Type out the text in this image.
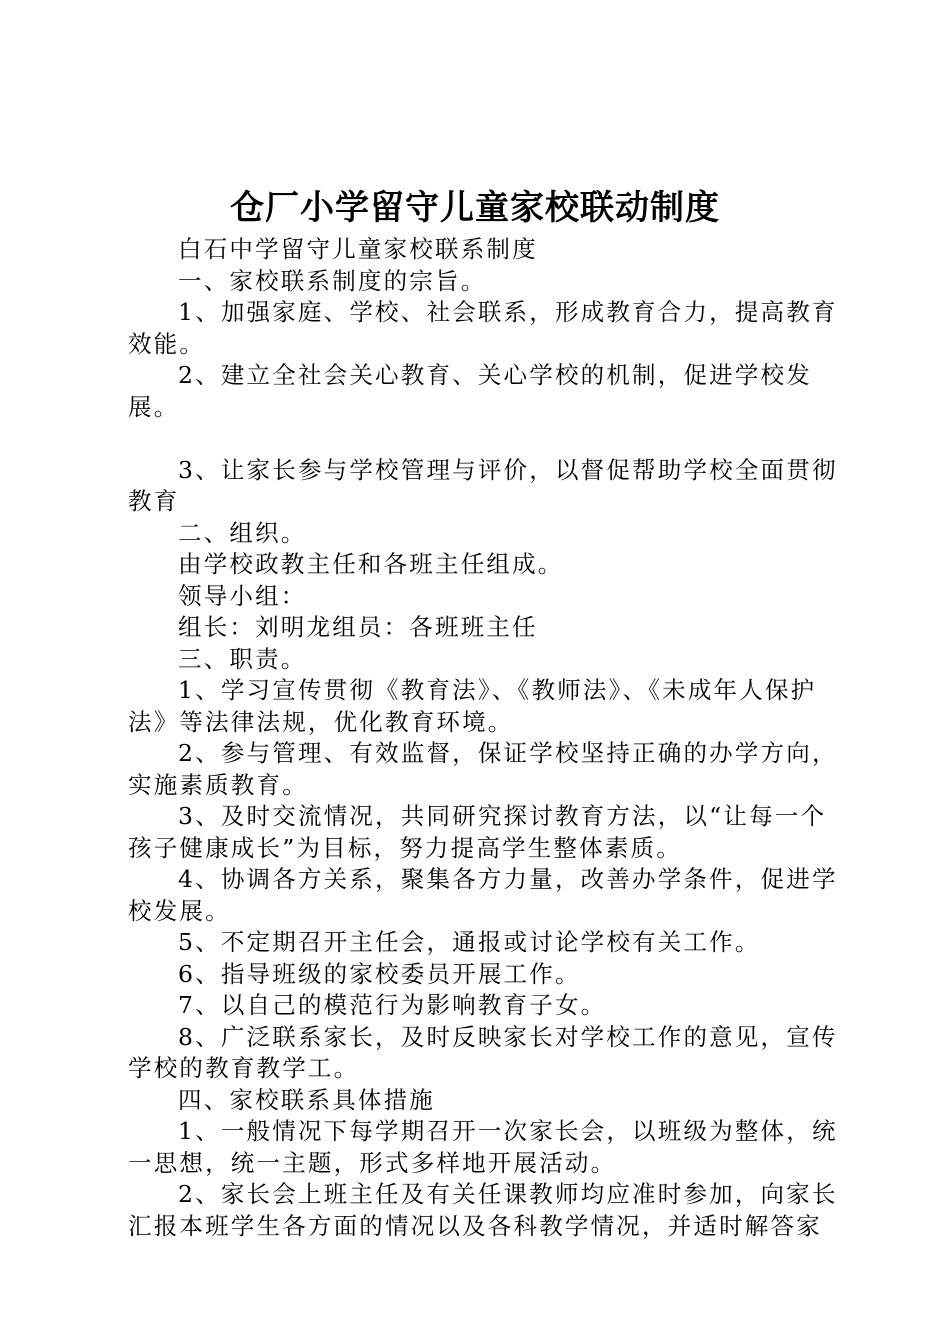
仓厂小学留守儿童家校联动制度

白石中学留守儿童家校联系制度

一、家校联系制度的宗旨。

1、加强家庭、学校、社会联系，形成教育合力，提高教育效能。

2、建立全社会关心教育、关心学校的机制，促进学校发展。

3、让家长参与学校管理与评价，以督促帮助学校全面贯彻教育

二、组织。

由学校政教主任和各班主任组成。

领导小组：

组长：刘明龙组员：各班班主任

三、职责。

1、学习宣传贯彻《教育法》、《教师法》、《未成年人保护法》等法律法规，优化教育环境。

2、参与管理、有效监督，保证学校坚持正确的办学方向，实施素质教育。

3、及时交流情况，共同研究探讨教育方法，以“让每一个孩子健康成长”为目标，努力提高学生整体素质。

4、协调各方关系，聚集各方力量，改善办学条件，促进学校发展。

5、不定期召开主任会，通报或讨论学校有关工作。

6、指导班级的家校委员开展工作。

7、以自己的模范行为影响教育子女。

8、广泛联系家长，及时反映家长对学校工作的意见，宣传学校的教育教学工。

四、家校联系具体措施

1、一般情况下每学期召开一次家长会，以班级为整体，统一思想，统一主题，形式多样地开展活动。

2、家长会上班主任及有关任课教师均应准时参加，向家长汇报本班学生各方面的情况以及各科教学情况，并适时解答家
